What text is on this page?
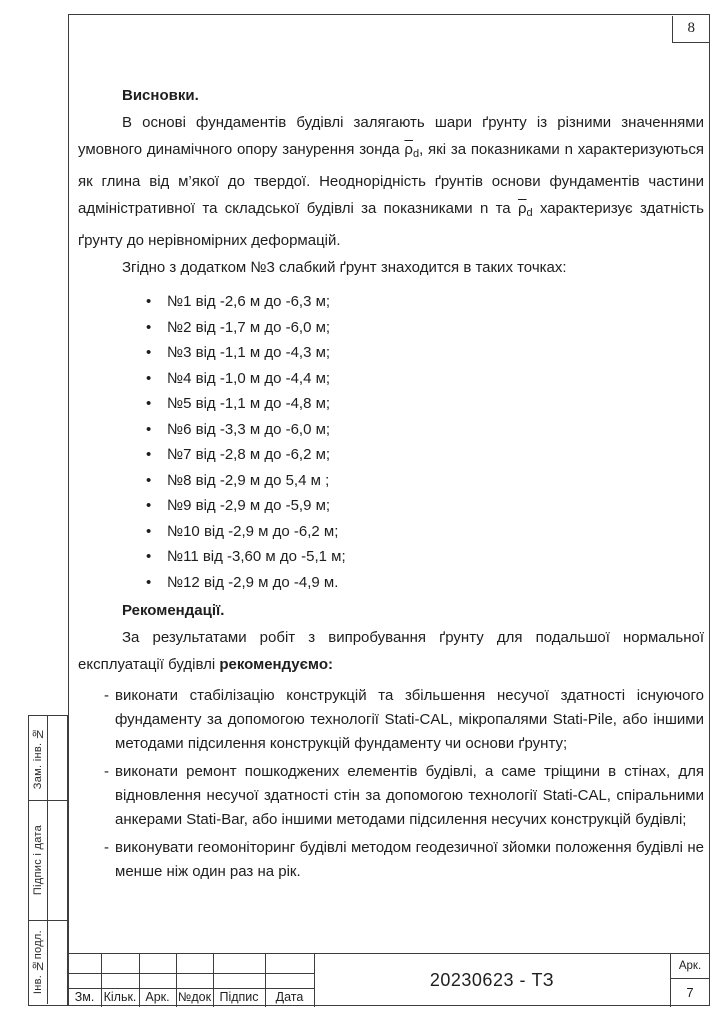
8
Зам. інв. №
Підпис і дата
Інв. №подл.

Висновки.

В основі фундаментів будівлі залягають шари ґрунту із різними значеннями умовного динамічного опору занурення зонда $\overline{\rho}_d$, які за показниками n характеризуються як глина від м’якої до твердої. Неоднорідність ґрунтів основи фундаментів частини адміністративної та складської будівлі за показниками n та $\overline{\rho}_d$ характеризує здатність ґрунту до нерівномірних деформацій.

Згідно з додатком №3 слабкий ґрунт знаходится в таких точках:

•	№1 від -2,6 м до -6,3 м;
•	№2 від -1,7 м до -6,0 м;
•	№3 від -1,1 м до -4,3 м;
•	№4 від -1,0 м до -4,4 м;
•	№5 від -1,1 м до -4,8 м;
•	№6 від -3,3 м до -6,0 м;
•	№7 від -2,8 м до -6,2 м;
•	№8 від -2,9 м до 5,4 м ;
•	№9 від -2,9 м до -5,9 м;
•	№10 від -2,9 м до -6,2 м;
•	№11 від -3,60 м до -5,1 м;
•	№12 від -2,9 м до -4,9 м.

Рекомендації.

За результатами робіт з випробування ґрунту для подальшої нормальної експлуатації будівлі рекомендуємо:

- виконати стабілізацію конструкцій та збільшення несучої здатності існуючого фундаменту за допомогою технології Stati-CAL, мікропалями Stati-Pile, або іншими методами підсилення конструкцій фундаменту чи основи ґрунту;
- виконати ремонт пошкоджених елементів будівлі, а саме тріщини в стінах, для відновлення несучої здатності стін за допомогою технології Stati-CAL, спіральними анкерами Stati-Bar, або іншими методами підсилення несучих конструкцій будівлі;
- виконувати геомоніторинг будівлі методом геодезичної зйомки положення будівлі не менше ніж один раз на рік.
Зм. Кільк. Арк. №док Підпис	Дата
20230623 - ТЗ
Арк.
7
